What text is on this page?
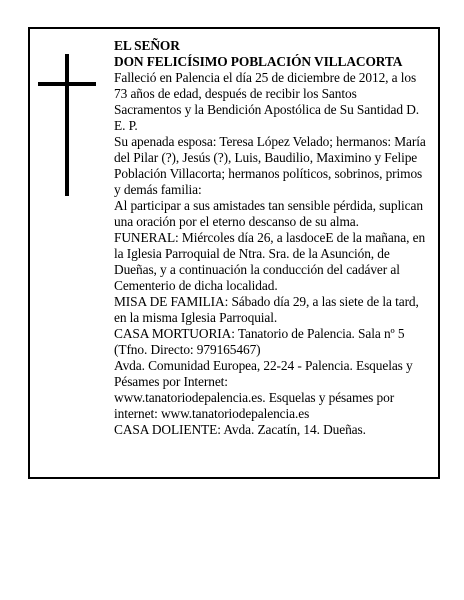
EL SEÑOR
DON FELICÍSIMO POBLACIÓN VILLACORTA

Falleció en Palencia el día 25 de diciembre de 2012, a los 73 años de edad, después de recibir los Santos Sacramentos y la Bendición Apostólica de Su Santidad D. E. P.

Su apenada esposa: Teresa López Velado; hermanos: María del Pilar (?), Jesús (?), Luis, Baudilio, Maximino y Felipe Población Villacorta; hermanos políticos, sobrinos, primos y demás familia:

Al participar a sus amistades tan sensible pérdida, suplican una oración por el eterno descanso de su alma.

FUNERAL: Miércoles día 26, a lasdoceE de la mañana, en la Iglesia Parroquial de Ntra. Sra. de la Asunción, de Dueñas, y a continuación la conducción del cadáver al Cementerio de dicha localidad.

MISA DE FAMILIA: Sábado día 29, a las siete de la tard, en la misma Iglesia Parroquial.

CASA MORTUORIA: Tanatorio de Palencia. Sala nº 5 (Tfno. Directo: 979165467)

Avda. Comunidad Europea, 22-24 - Palencia. Esquelas y Pésames por Internet:

www.tanatoriodepalencia.es. Esquelas y pésames por internet: www.tanatoriodepalencia.es

CASA DOLIENTE: Avda. Zacatín, 14. Dueñas.
